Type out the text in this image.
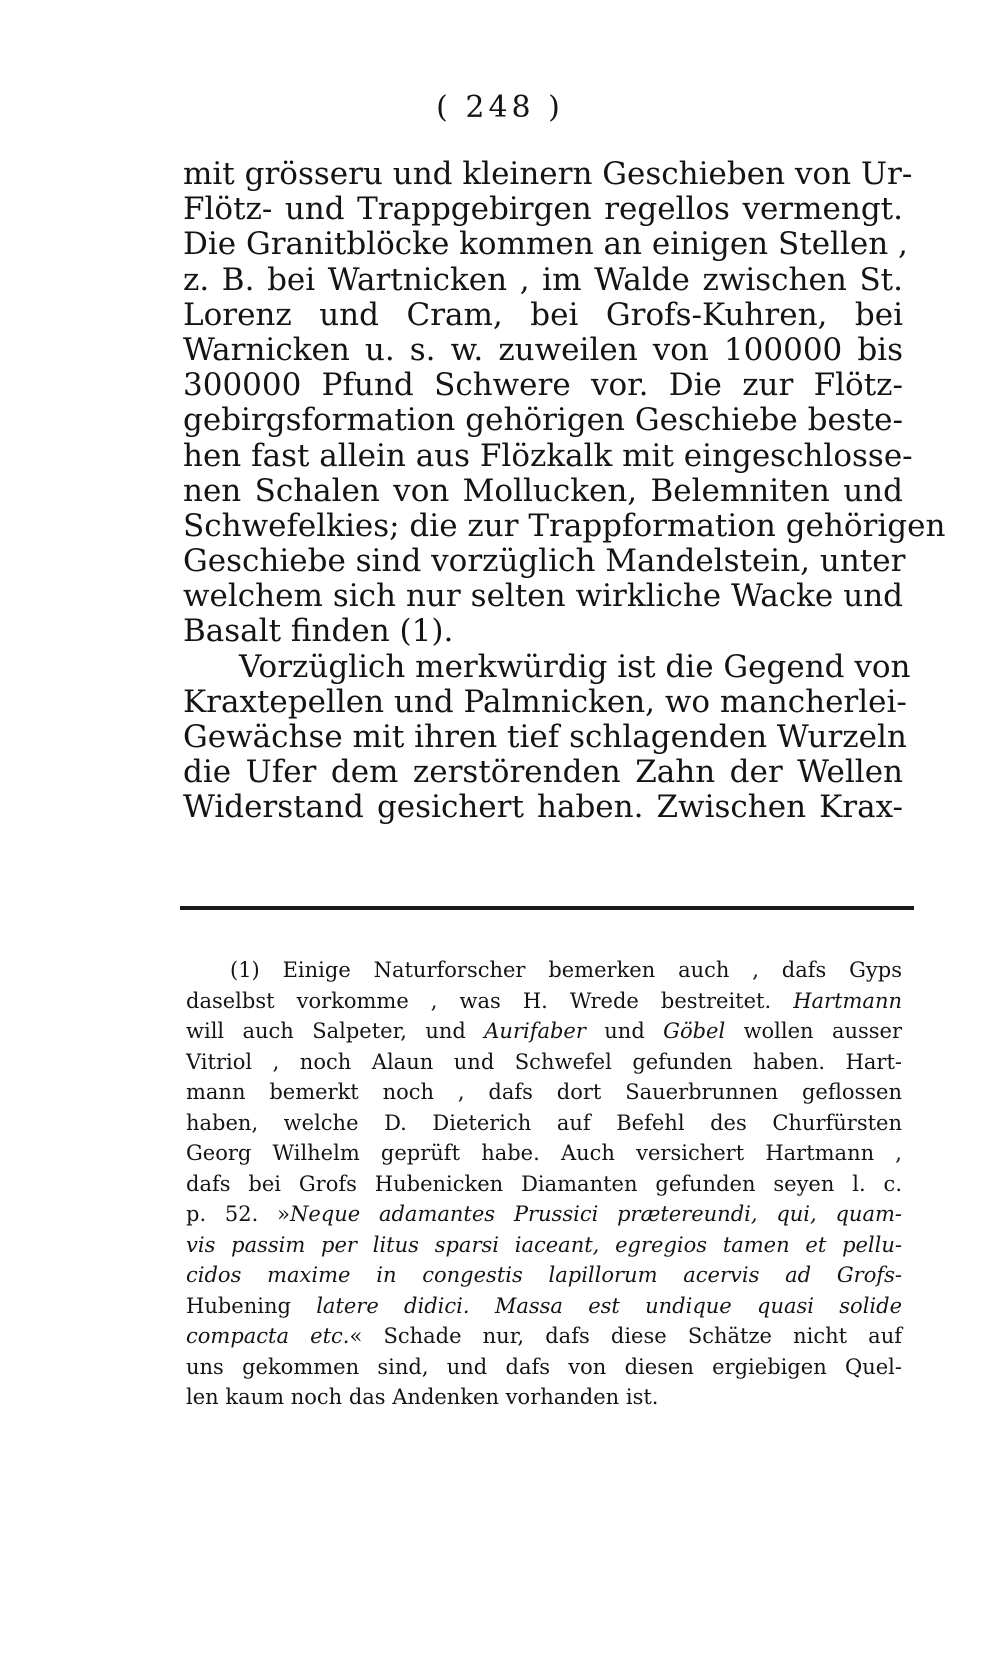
( 248 )
mit grösseru und kleinern Geschieben von Ur-
Flötz- und Trappgebirgen regellos vermengt.
Die Granitblöcke kommen an einigen Stellen ,
z. B. bei Wartnicken , im Walde zwischen St.
Lorenz und Cram, bei Grofs-Kuhren, bei
Warnicken u. s. w. zuweilen von 100000 bis
300000 Pfund Schwere vor. Die zur Flötz-
gebirgsformation gehörigen Geschiebe beste-
hen fast allein aus Flözkalk mit eingeschlosse-
nen Schalen von Mollucken, Belemniten und
Schwefelkies; die zur Trappformation gehörigen
Geschiebe sind vorzüglich Mandelstein, unter
welchem sich nur selten wirkliche Wacke und
Basalt finden (1).
Vorzüglich merkwürdig ist die Gegend von
Kraxtepellen und Palmnicken, wo mancherlei-
Gewächse mit ihren tief schlagenden Wurzeln
die Ufer dem zerstörenden Zahn der Wellen
Widerstand gesichert haben. Zwischen Krax-
(1) Einige Naturforscher bemerken auch , dafs Gyps
daselbst vorkomme , was H. Wrede bestreitet. Hartmann
will auch Salpeter, und Aurifaber und Göbel wollen ausser
Vitriol , noch Alaun und Schwefel gefunden haben. Hart-
mann bemerkt noch , dafs dort Sauerbrunnen geflossen
haben, welche D. Dieterich auf Befehl des Churfürsten
Georg Wilhelm geprüft habe. Auch versichert Hartmann ,
dafs bei Grofs Hubenicken Diamanten gefunden seyen l. c.
p. 52. »Neque adamantes Prussici prætereundi, qui, quam-
vis passim per litus sparsi iaceant, egregios tamen et pellu-
cidos maxime in congestis lapillorum acervis ad Grofs-
Hubening latere didici. Massa est undique quasi solide
compacta etc.« Schade nur, dafs diese Schätze nicht auf
uns gekommen sind, und dafs von diesen ergiebigen Quel-
len kaum noch das Andenken vorhanden ist.
